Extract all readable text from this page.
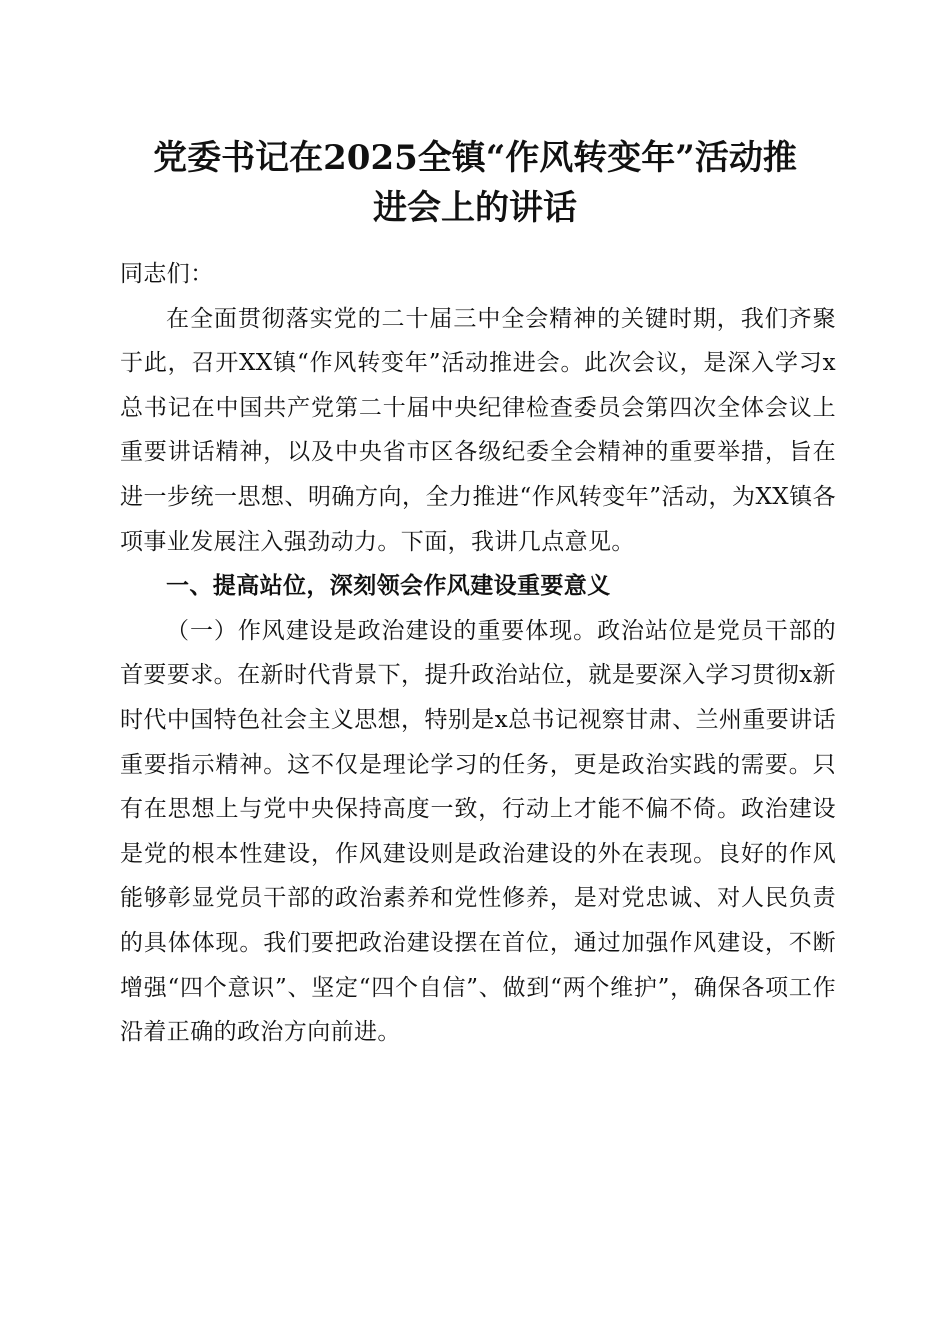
党委书记在2025全镇“作风转变年”活动推
进会上的讲话

同志们：

在全面贯彻落实党的二十届三中全会精神的关键时期，我们齐聚于此，召开XX镇“作风转变年”活动推进会。此次会议，是深入学习x总书记在中国共产党第二十届中央纪律检查委员会第四次全体会议上重要讲话精神，以及中央省市区各级纪委全会精神的重要举措，旨在进一步统一思想、明确方向，全力推进“作风转变年”活动，为XX镇各项事业发展注入强劲动力。下面，我讲几点意见。

一、提高站位，深刻领会作风建设重要意义

（一）作风建设是政治建设的重要体现。政治站位是党员干部的首要要求。在新时代背景下，提升政治站位，就是要深入学习贯彻x新时代中国特色社会主义思想，特别是x总书记视察甘肃、兰州重要讲话重要指示精神。这不仅是理论学习的任务，更是政治实践的需要。只有在思想上与党中央保持高度一致，行动上才能不偏不倚。政治建设是党的根本性建设，作风建设则是政治建设的外在表现。良好的作风能够彰显党员干部的政治素养和党性修养，是对党忠诚、对人民负责的具体体现。我们要把政治建设摆在首位，通过加强作风建设，不断增强“四个意识”、坚定“四个自信”、做到“两个维护”，确保各项工作沿着正确的政治方向前进。
